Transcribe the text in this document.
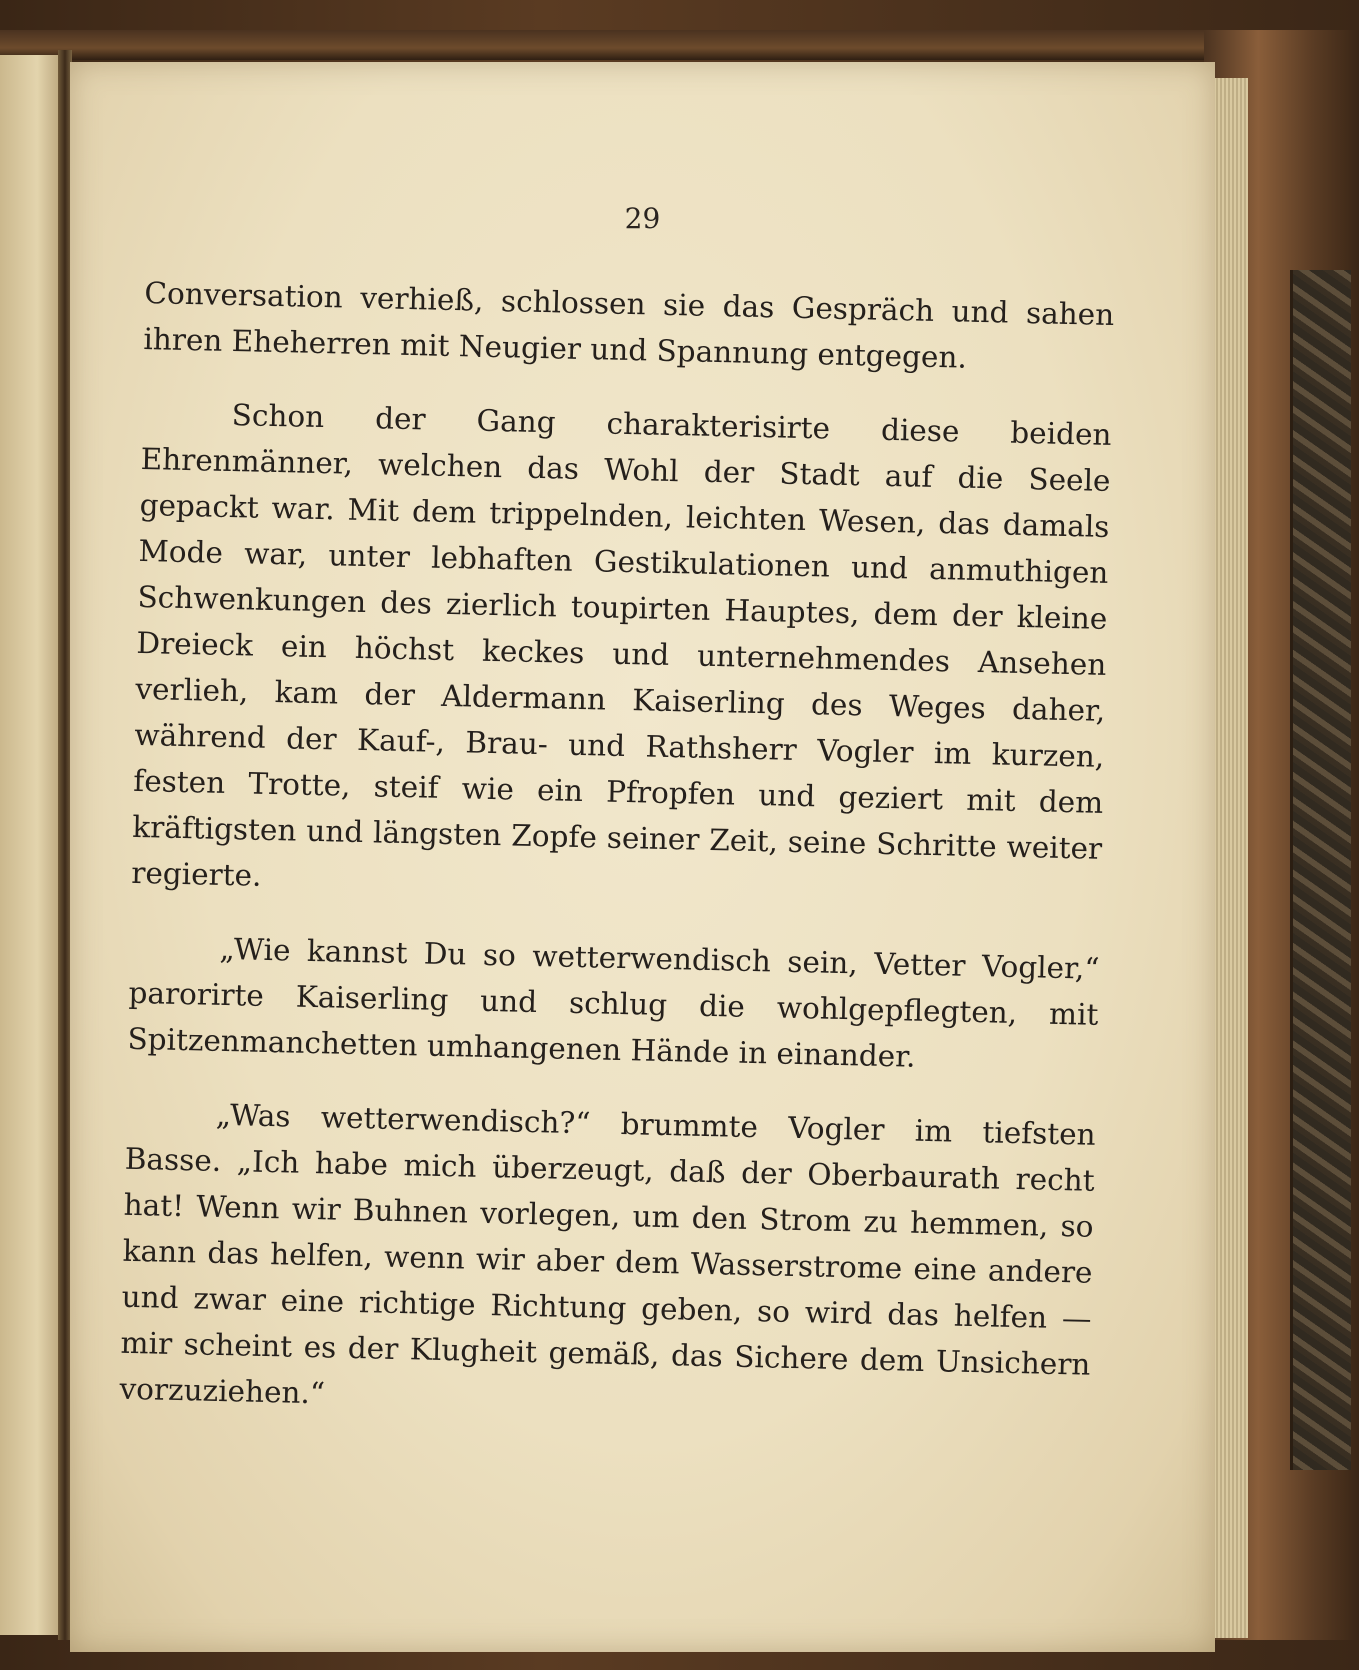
29

Conversation verhieß, schlossen sie das Gespräch und sahen ihren Eheherren mit Neugier und Spannung entgegen.

Schon der Gang charakterisirte diese beiden Ehrenmänner, welchen das Wohl der Stadt auf die Seele gepackt war. Mit dem trippelnden, leichten Wesen, das damals Mode war, unter lebhaften Gestikulationen und anmuthigen Schwenkungen des zierlich toupirten Hauptes, dem der kleine Dreieck ein höchst keckes und unternehmendes Ansehen verlieh, kam der Aldermann Kaiserling des Weges daher, während der Kauf-, Brau- und Rathsherr Vogler im kurzen, festen Trotte, steif wie ein Pfropfen und geziert mit dem kräftigsten und längsten Zopfe seiner Zeit, seine Schritte weiter regierte.

„Wie kannst Du so wetterwendisch sein, Vetter Vogler,“ parorirte Kaiserling und schlug die wohlgepflegten, mit Spitzenmanchetten umhangenen Hände in einander.

„Was wetterwendisch?“ brummte Vogler im tiefsten Basse. „Ich habe mich überzeugt, daß der Oberbaurath recht hat! Wenn wir Buhnen vorlegen, um den Strom zu hemmen, so kann das helfen, wenn wir aber dem Wasserstrome eine andere und zwar eine richtige Richtung geben, so wird das helfen — mir scheint es der Klugheit gemäß, das Sichere dem Unsichern vorzuziehen.“
